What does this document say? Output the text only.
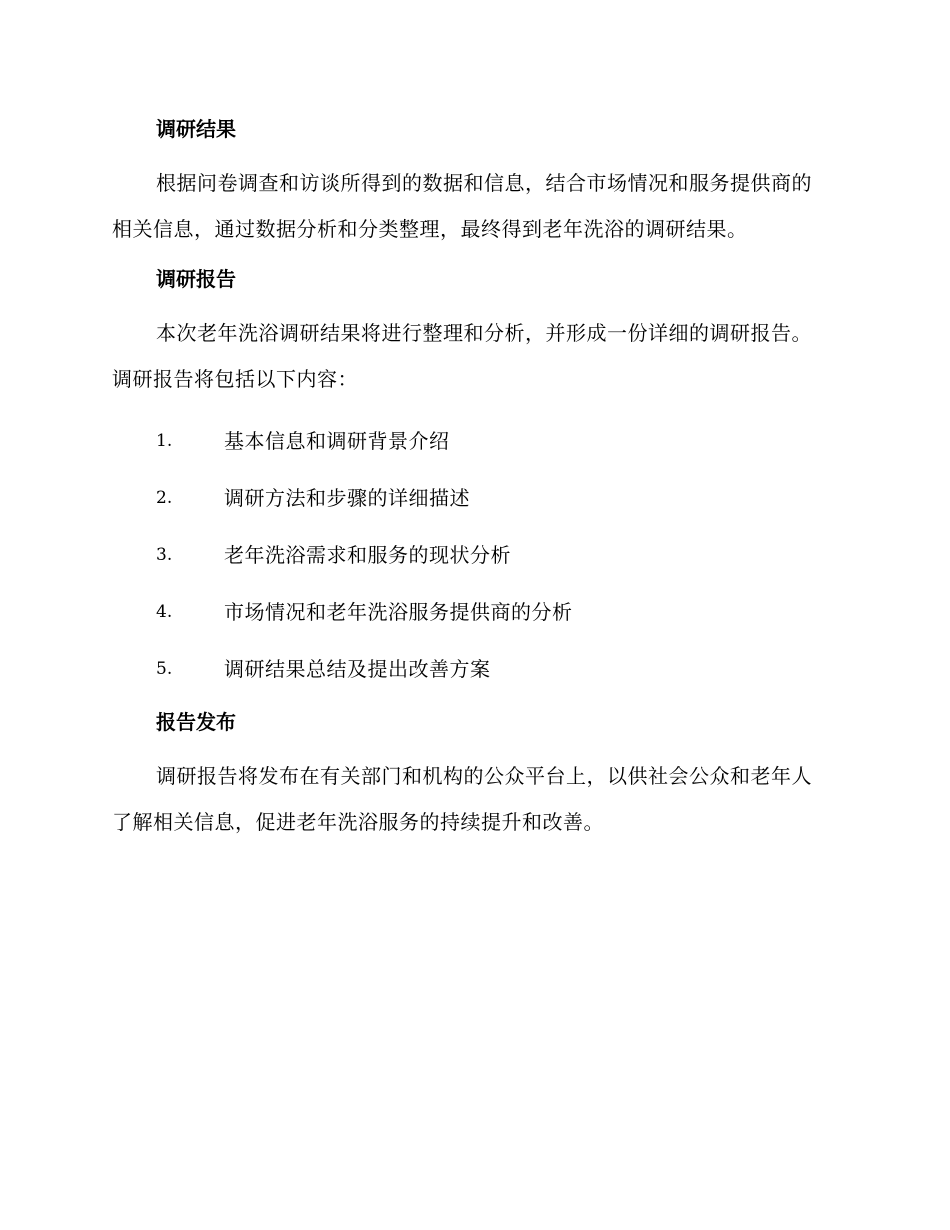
调研结果

根据问卷调查和访谈所得到的数据和信息，结合市场情况和服务提供商的相关信息，通过数据分析和分类整理，最终得到老年洗浴的调研结果。

调研报告

本次老年洗浴调研结果将进行整理和分析，并形成一份详细的调研报告。调研报告将包括以下内容：

1.	基本信息和调研背景介绍
2.	调研方法和步骤的详细描述
3.	老年洗浴需求和服务的现状分析
4.	市场情况和老年洗浴服务提供商的分析
5.	调研结果总结及提出改善方案
报告发布

调研报告将发布在有关部门和机构的公众平台上，以供社会公众和老年人了解相关信息，促进老年洗浴服务的持续提升和改善。
